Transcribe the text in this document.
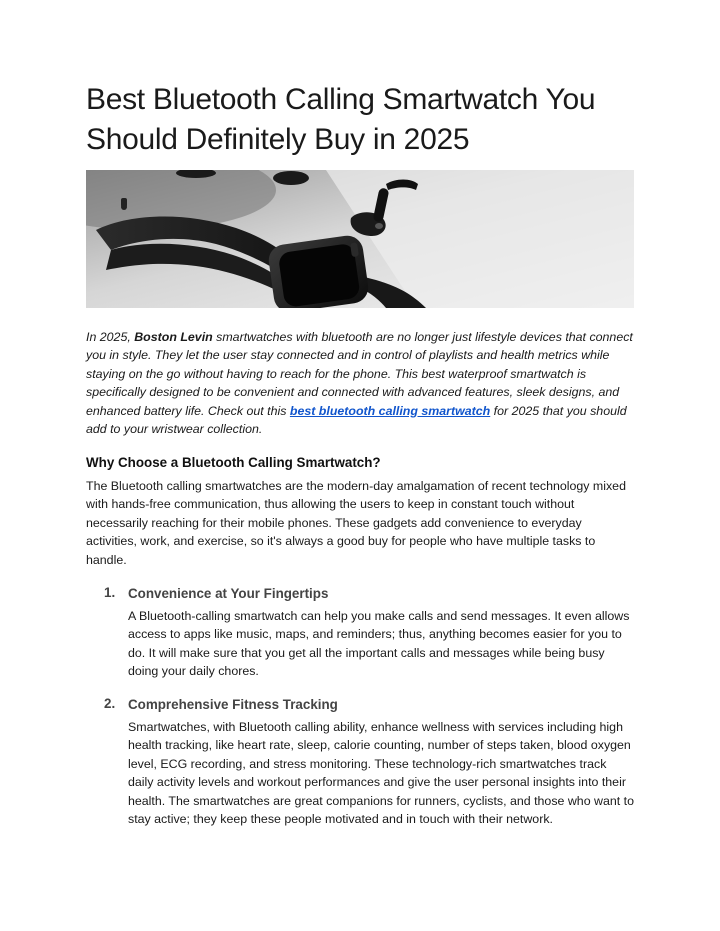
Best Bluetooth Calling Smartwatch You Should Definitely Buy in 2025

In 2025, Boston Levin smartwatches with bluetooth are no longer just lifestyle devices that connect you in style. They let the user stay connected and in control of playlists and health metrics while staying on the go without having to reach for the phone. This best waterproof smartwatch is specifically designed to be convenient and connected with advanced features, sleek designs, and enhanced battery life. Check out this best bluetooth calling smartwatch for 2025 that you should add to your wristwear collection.

Why Choose a Bluetooth Calling Smartwatch?

The Bluetooth calling smartwatches are the modern-day amalgamation of recent technology mixed with hands-free communication, thus allowing the users to keep in constant touch without necessarily reaching for their mobile phones. These gadgets add convenience to everyday activities, work, and exercise, so it's always a good buy for people who have multiple tasks to handle.

1. Convenience at Your Fingertips

A Bluetooth-calling smartwatch can help you make calls and send messages. It even allows access to apps like music, maps, and reminders; thus, anything becomes easier for you to do. It will make sure that you get all the important calls and messages while being busy doing your daily chores.

2. Comprehensive Fitness Tracking

Smartwatches, with Bluetooth calling ability, enhance wellness with services including high health tracking, like heart rate, sleep, calorie counting, number of steps taken, blood oxygen level, ECG recording, and stress monitoring. These technology-rich smartwatches track daily activity levels and workout performances and give the user personal insights into their health. The smartwatches are great companions for runners, cyclists, and those who want to stay active; they keep these people motivated and in touch with their network.
